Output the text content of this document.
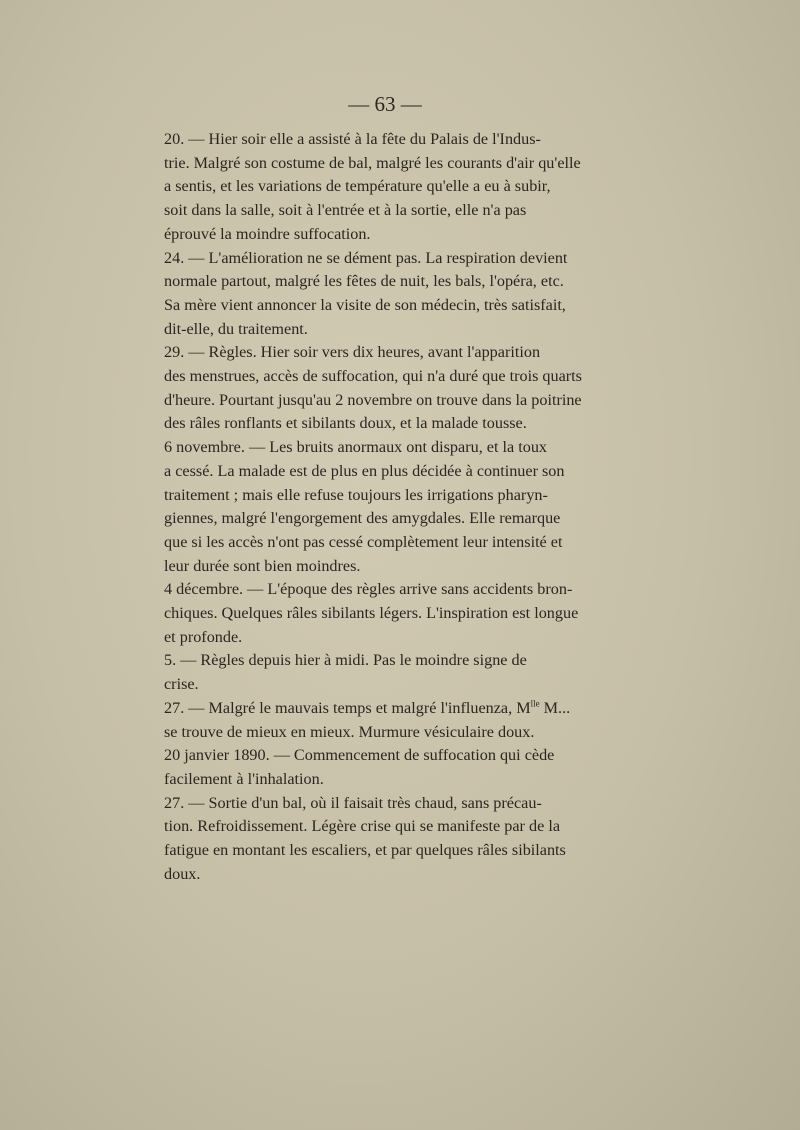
— 63 —

20. — Hier soir elle a assisté à la fête du Palais de l'Indus-
trie. Malgré son costume de bal, malgré les courants d'air qu'elle
a sentis, et les variations de température qu'elle a eu à subir,
soit dans la salle, soit à l'entrée et à la sortie, elle n'a pas
éprouvé la moindre suffocation.

24. — L'amélioration ne se dément pas. La respiration devient
normale partout, malgré les fêtes de nuit, les bals, l'opéra, etc.
Sa mère vient annoncer la visite de son médecin, très satisfait,
dit-elle, du traitement.

29. — Règles. Hier soir vers dix heures, avant l'apparition
des menstrues, accès de suffocation, qui n'a duré que trois quarts
d'heure. Pourtant jusqu'au 2 novembre on trouve dans la poitrine
des râles ronflants et sibilants doux, et la malade tousse.

6 novembre. — Les bruits anormaux ont disparu, et la toux
a cessé. La malade est de plus en plus décidée à continuer son
traitement ; mais elle refuse toujours les irrigations pharyn-
giennes, malgré l'engorgement des amygdales. Elle remarque
que si les accès n'ont pas cessé complètement leur intensité et
leur durée sont bien moindres.

4 décembre. — L'époque des règles arrive sans accidents bron-
chiques. Quelques râles sibilants légers. L'inspiration est longue
et profonde.

5. — Règles depuis hier à midi. Pas le moindre signe de
crise.

27. — Malgré le mauvais temps et malgré l'influenza, $M^{lle}$ M...
se trouve de mieux en mieux. Murmure vésiculaire doux.

20 janvier 1890. — Commencement de suffocation qui cède
facilement à l'inhalation.

27. — Sortie d'un bal, où il faisait très chaud, sans précau-
tion. Refroidissement. Légère crise qui se manifeste par de la
fatigue en montant les escaliers, et par quelques râles sibilants
doux.
